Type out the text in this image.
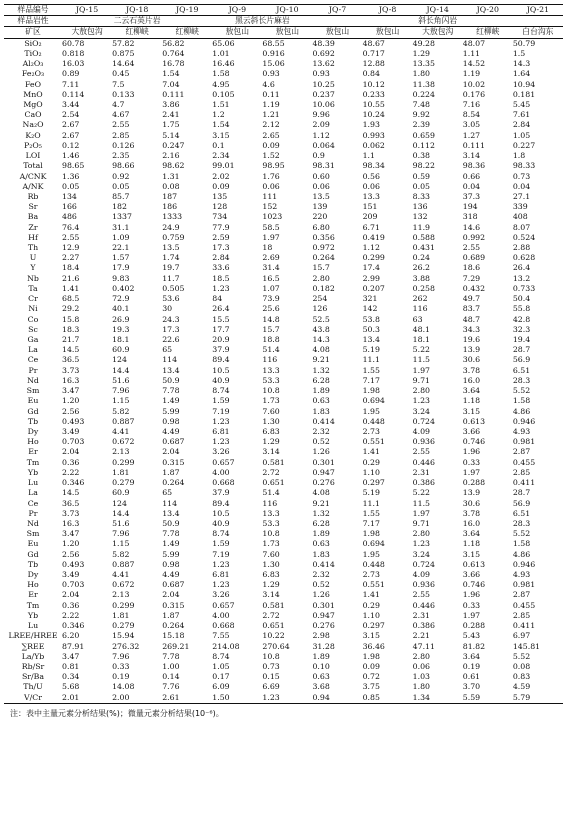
样品编号	JQ-15	JQ-18	JQ-19	JQ-9	JQ-10	JQ-7	JQ-8	JQ-14	JQ-20	JQ-21
样品岩性	二云石英片岩			黑云斜长片麻岩		斜长角闪岩				
矿区	大敖包沟	红柳峡	红柳峡	敖包山	敖包山	敖包山	敖包山	大敖包沟	红柳峡	白台沟东
SiO₂	60.78	57.82	56.82	65.06	68.55	48.39	48.67	49.28	48.07	50.79
TiO₂	0.818	0.875	0.764	1.01	0.916	0.692	0.717	1.29	1.11	1.5
Al₂O₃	16.03	14.64	16.78	16.46	15.06	13.62	12.88	13.35	14.52	14.3
Fe₂O₃	0.89	0.45	1.54	1.58	0.93	0.93	0.84	1.80	1.19	1.64
FeO	7.11	7.5	7.04	4.95	4.6	10.25	10.12	11.38	10.02	10.94
MnO	0.114	0.133	0.111	0.105	0.11	0.237	0.233	0.224	0.176	0.181
MgO	3.44	4.7	3.86	1.51	1.19	10.06	10.55	7.48	7.16	5.45
CaO	2.54	4.67	2.41	1.2	1.21	9.96	10.24	9.92	8.54	7.61
Na₂O	2.67	2.55	1.75	1.54	2.12	2.09	1.93	2.39	3.05	2.84
K₂O	2.67	2.85	5.14	3.15	2.65	1.12	0.993	0.659	1.27	1.05
P₂O₅	0.12	0.126	0.247	0.1	0.09	0.064	0.062	0.112	0.111	0.227
LOI	1.46	2.35	2.16	2.34	1.52	0.9	1.1	0.38	3.14	1.8
Total	98.65	98.66	98.62	99.01	98.95	98.31	98.34	98.22	98.36	98.33
A/CNK	1.36	0.92	1.31	2.02	1.76	0.60	0.56	0.59	0.66	0.73
A/NK	0.05	0.05	0.08	0.09	0.06	0.06	0.06	0.05	0.04	0.04
Rb	134	85.7	187	135	111	13.5	13.3	8.33	37.3	27.1
Sr	166	182	186	128	152	139	151	136	194	339
Ba	486	1337	1333	734	1023	220	209	132	318	408
Zr	76.4	31.1	24.9	77.9	58.5	6.80	6.71	11.9	14.6	8.07
Hf	2.55	1.09	0.759	2.59	1.97	0.356	0.419	0.588	0.992	0.524
Th	12.9	22.1	13.5	17.3	18	0.972	1.12	0.431	2.55	2.88
U	2.27	1.57	1.74	2.84	2.69	0.264	0.299	0.24	0.689	0.628
Y	18.4	17.9	19.7	33.6	31.4	15.7	17.4	26.2	18.6	26.4
Nb	21.6	9.83	11.7	18.5	16.5	2.80	2.99	3.88	7.29	13.2
Ta	1.41	0.402	0.505	1.23	1.07	0.182	0.207	0.258	0.432	0.733
Cr	68.5	72.9	53.6	84	73.9	254	321	262	49.7	50.4
Ni	29.2	40.1	30	26.4	25.6	126	142	116	83.7	55.8
Co	15.8	26.9	24.3	15.5	14.8	52.5	53.8	63	48.7	42.8
Sc	18.3	19.3	17.3	17.7	15.7	43.8	50.3	48.1	34.3	32.3
Ga	21.7	18.1	22.6	20.9	18.8	14.3	13.4	18.1	19.6	19.4
La	14.5	60.9	65	37.9	51.4	4.08	5.19	5.22	13.9	28.7
Ce	36.5	124	114	89.4	116	9.21	11.1	11.5	30.6	56.9
Pr	3.73	14.4	13.4	10.5	13.3	1.32	1.55	1.97	3.78	6.51
Nd	16.3	51.6	50.9	40.9	53.3	6.28	7.17	9.71	16.0	28.3
Sm	3.47	7.96	7.78	8.74	10.8	1.89	1.98	2.80	3.64	5.52
Eu	1.20	1.15	1.49	1.59	1.73	0.63	0.694	1.23	1.18	1.58
Gd	2.56	5.82	5.99	7.19	7.60	1.83	1.95	3.24	3.15	4.86
Tb	0.493	0.887	0.98	1.23	1.30	0.414	0.448	0.724	0.613	0.946
Dy	3.49	4.41	4.49	6.81	6.83	2.32	2.73	4.09	3.66	4.93
Ho	0.703	0.672	0.687	1.23	1.29	0.52	0.551	0.936	0.746	0.981
Er	2.04	2.13	2.04	3.26	3.14	1.26	1.41	2.55	1.96	2.87
Tm	0.36	0.299	0.315	0.657	0.581	0.301	0.29	0.446	0.33	0.455
Yb	2.22	1.81	1.87	4.00	2.72	0.947	1.10	2.31	1.97	2.85
Lu	0.346	0.279	0.264	0.668	0.651	0.276	0.297	0.386	0.288	0.411
La	14.5	60.9	65	37.9	51.4	4.08	5.19	5.22	13.9	28.7
Ce	36.5	124	114	89.4	116	9.21	11.1	11.5	30.6	56.9
Pr	3.73	14.4	13.4	10.5	13.3	1.32	1.55	1.97	3.78	6.51
Nd	16.3	51.6	50.9	40.9	53.3	6.28	7.17	9.71	16.0	28.3
Sm	3.47	7.96	7.78	8.74	10.8	1.89	1.98	2.80	3.64	5.52
Eu	1.20	1.15	1.49	1.59	1.73	0.63	0.694	1.23	1.18	1.58
Gd	2.56	5.82	5.99	7.19	7.60	1.83	1.95	3.24	3.15	4.86
Tb	0.493	0.887	0.98	1.23	1.30	0.414	0.448	0.724	0.613	0.946
Dy	3.49	4.41	4.49	6.81	6.83	2.32	2.73	4.09	3.66	4.93
Ho	0.703	0.672	0.687	1.23	1.29	0.52	0.551	0.936	0.746	0.981
Er	2.04	2.13	2.04	3.26	3.14	1.26	1.41	2.55	1.96	2.87
Tm	0.36	0.299	0.315	0.657	0.581	0.301	0.29	0.446	0.33	0.455
Yb	2.22	1.81	1.87	4.00	2.72	0.947	1.10	2.31	1.97	2.85
Lu	0.346	0.279	0.264	0.668	0.651	0.276	0.297	0.386	0.288	0.411
LREE/HREE	6.20	15.94	15.18	7.55	10.22	2.98	3.15	2.21	5.43	6.97
∑REE	87.91	276.32	269.21	214.08	270.64	31.28	36.46	47.11	81.82	145.81
La/Yb	3.47	7.96	7.78	8.74	10.8	1.89	1.98	2.80	3.64	5.52
Rb/Sr	0.81	0.33	1.00	1.05	0.73	0.10	0.09	0.06	0.19	0.08
Sr/Ba	0.34	0.19	0.14	0.17	0.15	0.63	0.72	1.03	0.61	0.83
Th/U	5.68	14.08	7.76	6.09	6.69	3.68	3.75	1.80	3.70	4.59
V/Cr	2.01	2.00	2.61	1.50	1.23	0.94	0.85	1.34	5.59	5.79
注：表中主量元素分析结果(%)；微量元素分析结果(10⁻⁶)。
